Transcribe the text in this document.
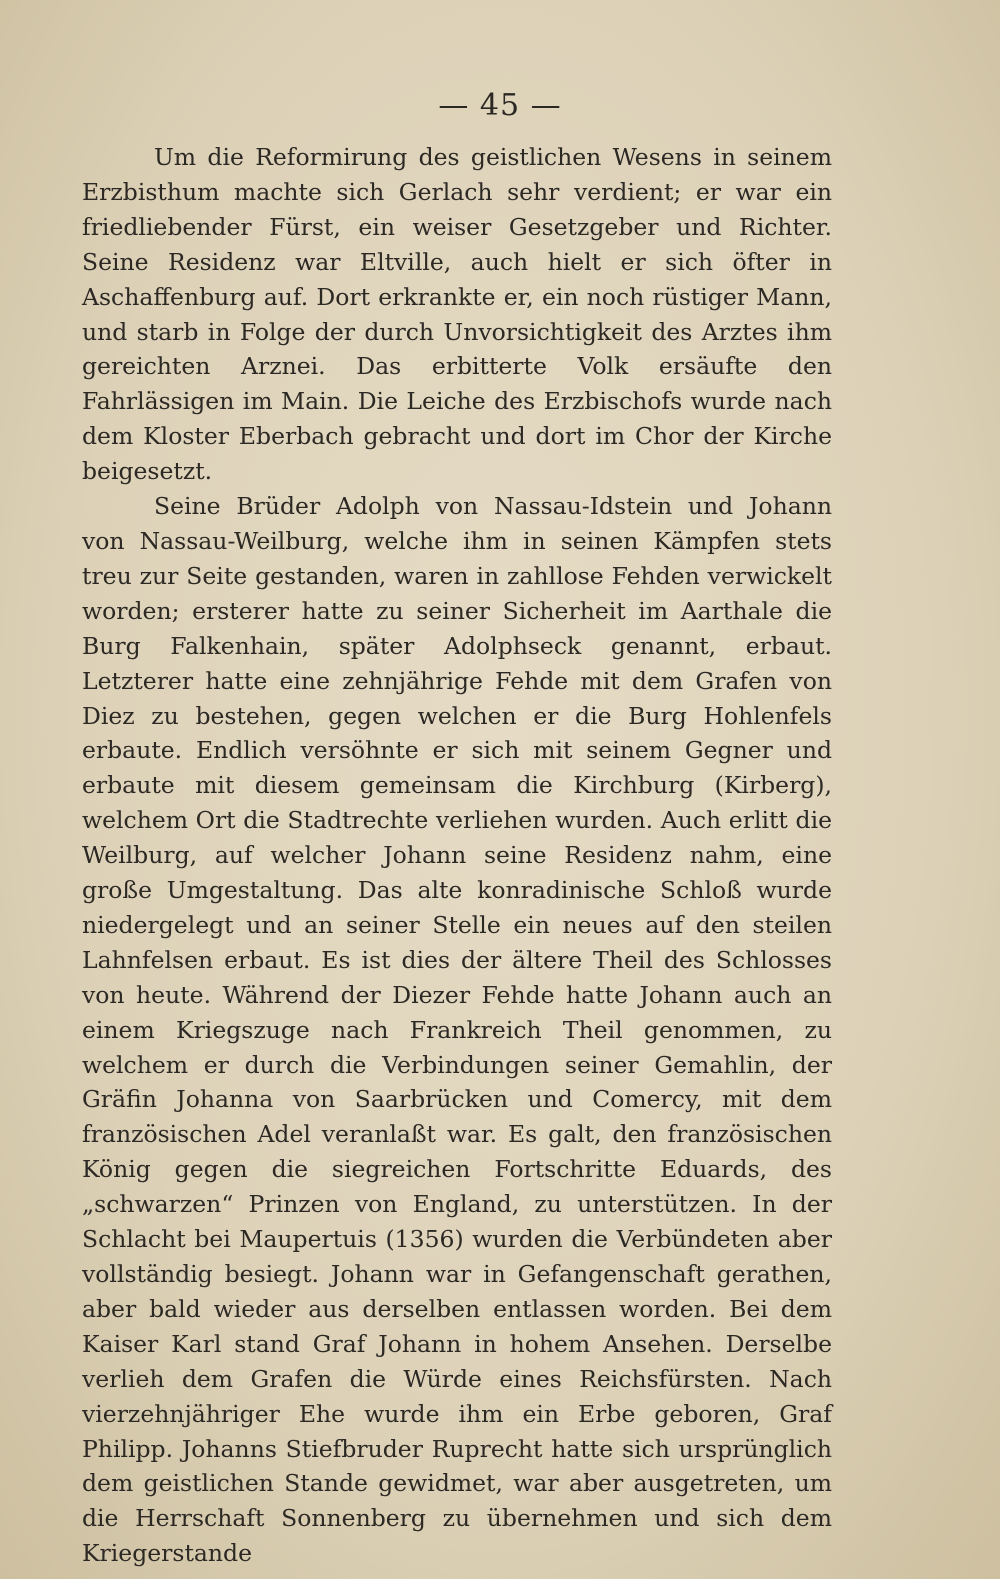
— 45 —

Um die Reformirung des geistlichen Wesens in seinem Erzbisthum machte sich Gerlach sehr verdient; er war ein friedliebender Fürst, ein weiser Gesetzgeber und Richter. Seine Residenz war Eltville, auch hielt er sich öfter in Aschaffenburg auf. Dort erkrankte er, ein noch rüstiger Mann, und starb in Folge der durch Unvorsichtigkeit des Arztes ihm gereichten Arznei. Das erbitterte Volk ersäufte den Fahrlässigen im Main. Die Leiche des Erzbischofs wurde nach dem Kloster Eberbach gebracht und dort im Chor der Kirche beigesetzt.

Seine Brüder Adolph von Nassau-Idstein und Johann von Nassau-Weilburg, welche ihm in seinen Kämpfen stets treu zur Seite gestanden, waren in zahllose Fehden verwickelt worden; ersterer hatte zu seiner Sicherheit im Aarthale die Burg Falkenhain, später Adolphseck genannt, erbaut. Letzterer hatte eine zehnjährige Fehde mit dem Grafen von Diez zu bestehen, gegen welchen er die Burg Hohlenfels erbaute. Endlich versöhnte er sich mit seinem Gegner und erbaute mit diesem gemeinsam die Kirchburg (Kirberg), welchem Ort die Stadtrechte verliehen wurden. Auch erlitt die Weilburg, auf welcher Johann seine Residenz nahm, eine große Umgestaltung. Das alte konradinische Schloß wurde niedergelegt und an seiner Stelle ein neues auf den steilen Lahnfelsen erbaut. Es ist dies der ältere Theil des Schlosses von heute. Während der Diezer Fehde hatte Johann auch an einem Kriegszuge nach Frankreich Theil genommen, zu welchem er durch die Verbindungen seiner Gemahlin, der Gräfin Johanna von Saarbrücken und Comercy, mit dem französischen Adel veranlaßt war. Es galt, den französischen König gegen die siegreichen Fortschritte Eduards, des „schwarzen“ Prinzen von England, zu unterstützen. In der Schlacht bei Maupertuis (1356) wurden die Verbündeten aber vollständig besiegt. Johann war in Gefangenschaft gerathen, aber bald wieder aus derselben entlassen worden. Bei dem Kaiser Karl stand Graf Johann in hohem Ansehen. Derselbe verlieh dem Grafen die Würde eines Reichsfürsten. Nach vierzehnjähriger Ehe wurde ihm ein Erbe geboren, Graf Philipp. Johanns Stiefbruder Ruprecht hatte sich ursprünglich dem geistlichen Stande gewidmet, war aber ausgetreten, um die Herrschaft Sonnenberg zu übernehmen und sich dem Kriegerstande
